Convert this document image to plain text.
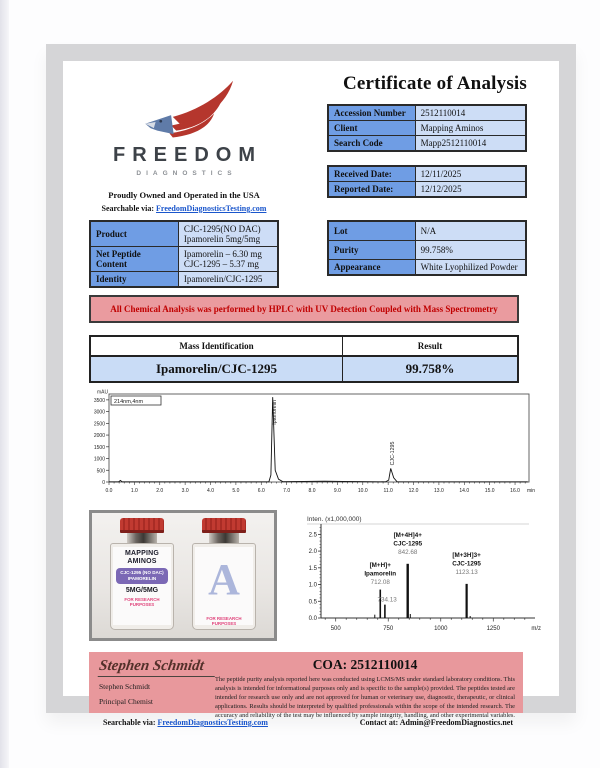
FREEDOM
DIAGNOSTICS
Proudly Owned and Operated in the USA
Searchable via: FreedomDiagnosticsTesting.com
Product	CJC-1295(NO DAC)
Ipamorelin 5mg/5mg

Net Peptide Content	Ipamorelin – 6.30 mg
CJC-1295 – 5.37 mg

Identity	Ipamorelin/CJC-1295
Certificate of Analysis
Accession Number	2512110014
Client	Mapping Aminos
Search Code	Mapp2512110014
Received Date:	12/11/2025
Reported Date:	12/12/2025
Lot	N/A
Purity	99.758%
Appearance	White Lyophilized Powder
All Chemical Analysis was performed by HPLC with UV Detection Coupled with Mass Spectrometry
Mass Identification	Result
Ipamorelin/CJC-1295	99.758%
mAU
214nm,4nm
0
500
1000
1500
2000
2500
3000
3500
0.0	1.0	2.0	3.0	4.0	5.0	6.0	7.0	8.0	9.0	10.0	11.0	12.0	13.0	14.0	15.0	16.0 min
Ipamorelin
CJC-1295
MAPPING
AMINOS
CJC-1295 (NO DAC)
IPAMORELIN
5MG/5MG
FOR RESEARCH PURPOSES
A
FOR RESEARCH PURPOSES
Inten. (x1,000,000)
0.0
0.5
1.0
1.5
2.0
2.5
500	750	1000	1250	m/z
[M+H]+
Ipamorelin
712.08
734.13
[M+4H]4+
CJC-1295
842.68	[M+3H]3+
CJC-1295
1123.13
Stephen Schmidt
Stephen Schmidt
Principal Chemist
COA: 2512110014
The peptide purity analysis reported here was conducted using LCMS/MS under standard laboratory conditions. This analysis is intended for informational purposes only and is specific to the sample(s) provided. The peptides tested are intended for research use only and are not approved for human or veterinary use, diagnostic, therapeutic, or clinical applications. Results should be interpreted by qualified professionals within the scope of the intended research. The accuracy and reliability of the test may be influenced by sample integrity, handling, and other experimental variables.
Searchable via: FreedomDiagnosticsTesting.com	Contact at: Admin@FreedomDiagnostics.net
